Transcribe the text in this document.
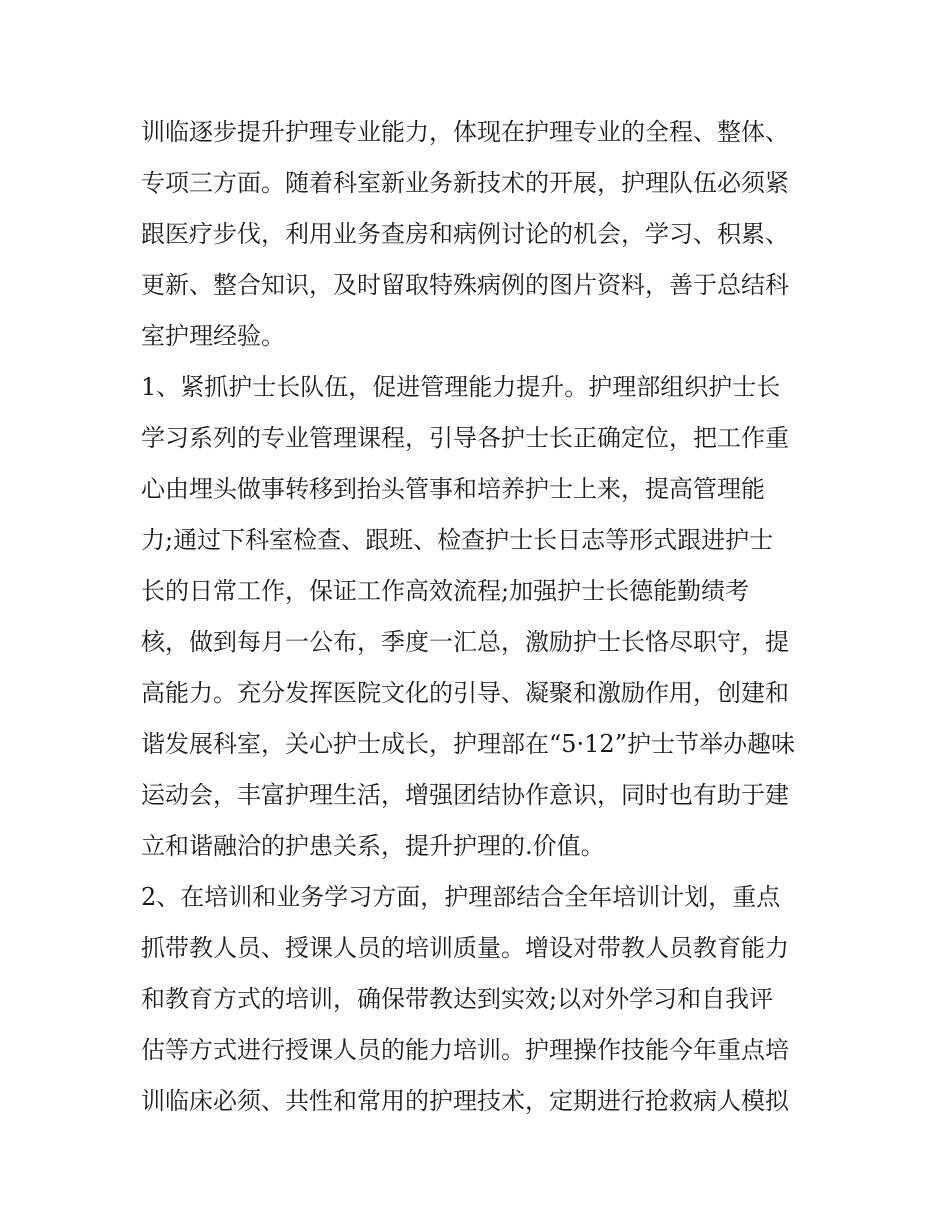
训临逐步提升护理专业能力，体现在护理专业的全程、整体、
专项三方面。随着科室新业务新技术的开展，护理队伍必须紧
跟医疗步伐，利用业务查房和病例讨论的机会，学习、积累、
更新、整合知识，及时留取特殊病例的图片资料，善于总结科
室护理经验。
1、紧抓护士长队伍，促进管理能力提升。护理部组织护士长
学习系列的专业管理课程，引导各护士长正确定位，把工作重
心由埋头做事转移到抬头管事和培养护士上来，提高管理能
力;通过下科室检查、跟班、检查护士长日志等形式跟进护士
长的日常工作，保证工作高效流程;加强护士长德能勤绩考
核，做到每月一公布，季度一汇总，激励护士长恪尽职守，提
高能力。充分发挥医院文化的引导、凝聚和激励作用，创建和
谐发展科室，关心护士成长，护理部在“5·12”护士节举办趣味
运动会，丰富护理生活，增强团结协作意识，同时也有助于建
立和谐融洽的护患关系，提升护理的.价值。
2、在培训和业务学习方面，护理部结合全年培训计划，重点
抓带教人员、授课人员的培训质量。增设对带教人员教育能力
和教育方式的培训，确保带教达到实效;以对外学习和自我评
估等方式进行授课人员的能力培训。护理操作技能今年重点培
训临床必须、共性和常用的护理技术，定期进行抢救病人模拟
